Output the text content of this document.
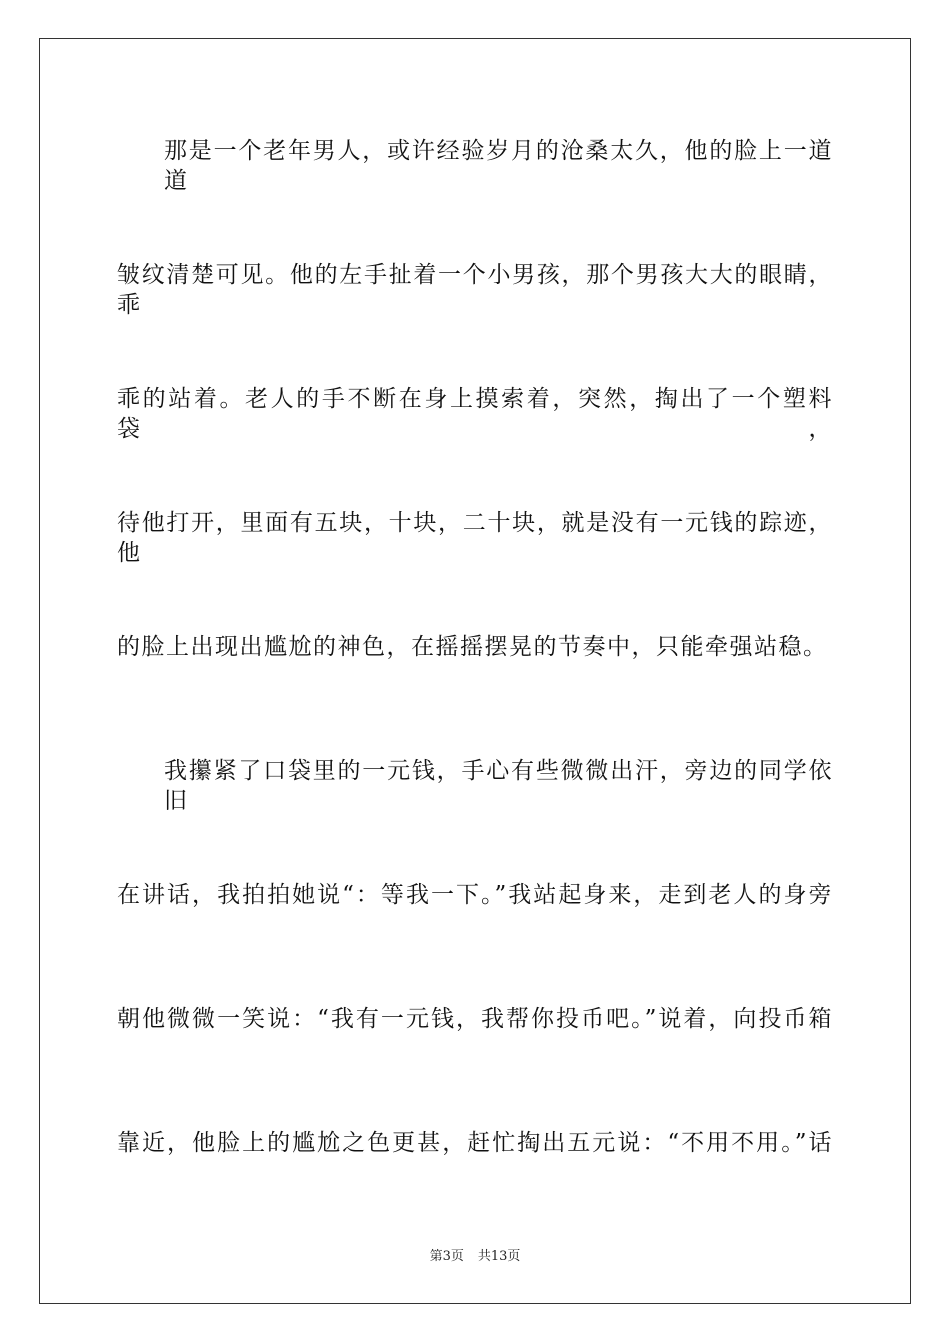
那是一个老年男人，或许经验岁月的沧桑太久，他的脸上一道道
皱纹清楚可见。他的左手扯着一个小男孩，那个男孩大大的眼睛，乖
乖的站着。老人的手不断在身上摸索着，突然，掏出了一个塑料袋，
待他打开，里面有五块，十块，二十块，就是没有一元钱的踪迹，他
的脸上出现出尴尬的神色，在摇摇摆晃的节奏中，只能牵强站稳。
我攥紧了口袋里的一元钱，手心有些微微出汗，旁边的同学依旧
在讲话，我拍拍她说“：等我一下。”我站起身来，走到老人的身旁
朝他微微一笑说：“我有一元钱，我帮你投币吧。”说着，向投币箱
靠近，他脸上的尴尬之色更甚，赶忙掏出五元说：“不用不用。”话
第3页 共13页
